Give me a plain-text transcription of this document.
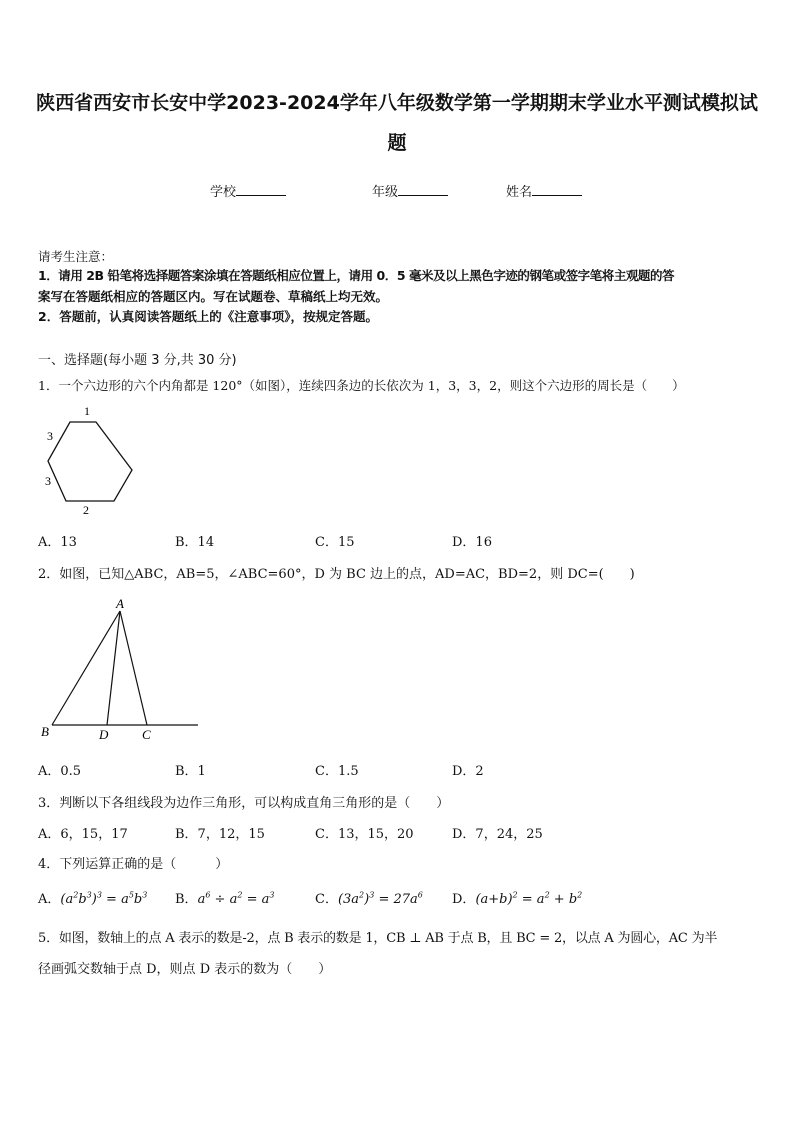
陕西省西安市长安中学2023-2024学年八年级数学第一学期期末学业水平测试模拟试
题
学校	年级	姓名
请考生注意：
1．请用 2B 铅笔将选择题答案涂填在答题纸相应位置上，请用 0．5 毫米及以上黑色字迹的钢笔或签字笔将主观题的答
案写在答题纸相应的答题区内。写在试题卷、草稿纸上均无效。
2．答题前，认真阅读答题纸上的《注意事项》，按规定答题。
一、选择题(每小题 3 分,共 30 分)
1．一个六边形的六个内角都是 120°（如图），连续四条边的长依次为 1，3，3，2，则这个六边形的周长是（　　）
1
3
3
2
A．13	B．14	C．15	D．16
2．如图，已知△ABC，AB=5，∠ABC=60°，D 为 BC 边上的点，AD=AC，BD=2，则 DC=(　　)
A
B	D	C
A．0.5	B．1	C．1.5	D．2
3．判断以下各组线段为边作三角形，可以构成直角三角形的是（　　）
A．6，15，17	B．7，12，15	C．13，15，20	D．7，24，25
4．下列运算正确的是（　　　）
A．$(a^2b^3)^3 = a^5b^3$ B．$a^6 \div a^2 = a^3$	C．$(3a^2)^3 = 27a^6$ D．$(a+b)^2 = a^2 + b^2$
5．如图，数轴上的点 A 表示的数是-2，点 B 表示的数是 1，CB ⊥ AB 于点 B，且 BC = 2，以点 A 为圆心，AC 为半
径画弧交数轴于点 D，则点 D 表示的数为（　　）
